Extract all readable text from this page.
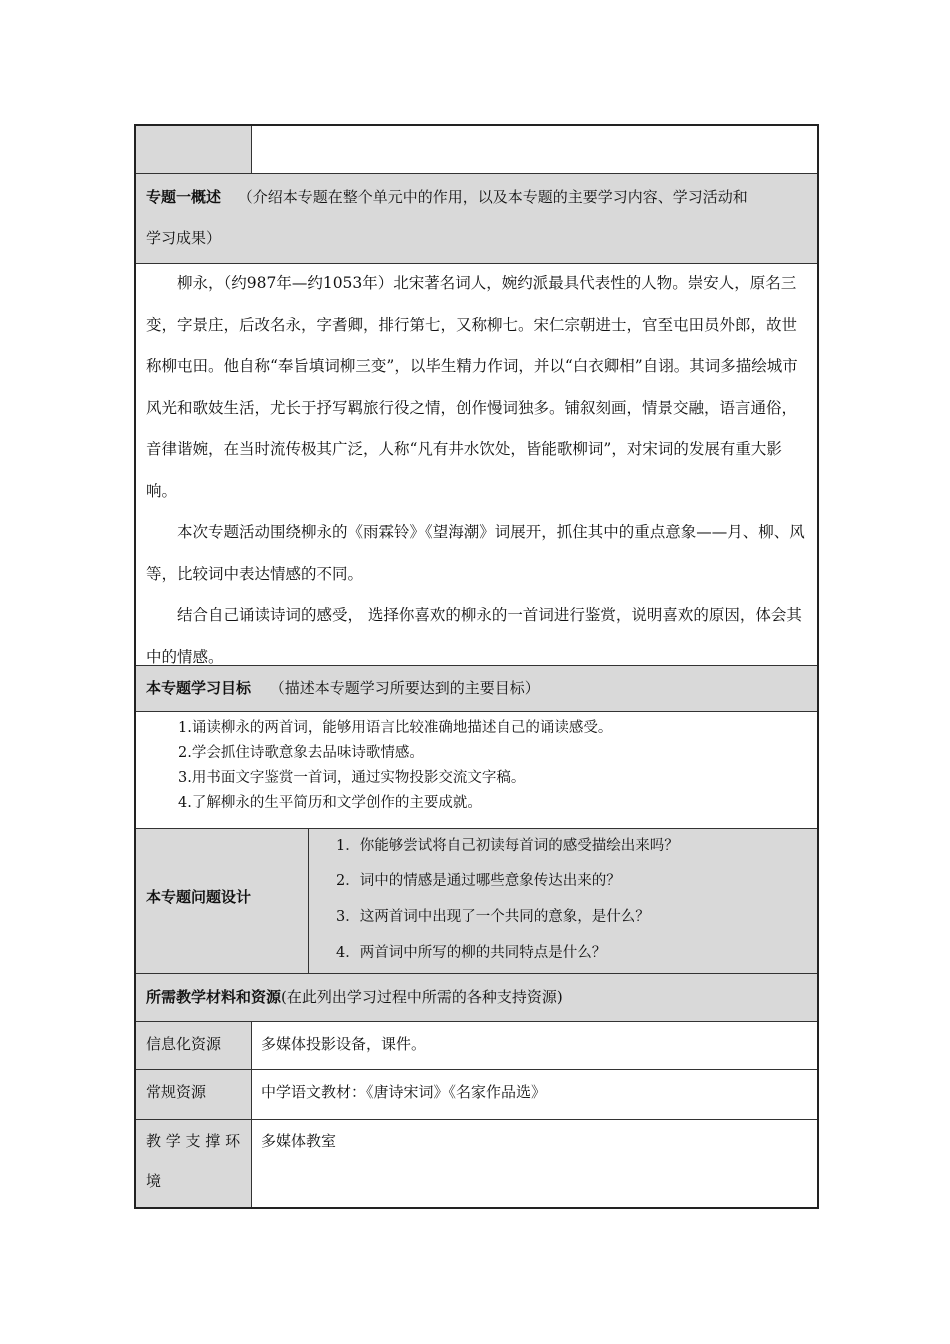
专题一概述 （介绍本专题在整个单元中的作用，以及本专题的主要学习内容、学习活动和
学习成果）

柳永，（约987年—约1053年）北宋著名词人，婉约派最具代表性的人物。崇安人，原名三变，字景庄，后改名永，字耆卿，排行第七，又称柳七。宋仁宗朝进士，官至屯田员外郎，故世称柳屯田。他自称“奉旨填词柳三变”，以毕生精力作词，并以“白衣卿相”自诩。其词多描绘城市风光和歌妓生活，尤长于抒写羁旅行役之情，创作慢词独多。铺叙刻画，情景交融，语言通俗，音律谐婉，在当时流传极其广泛，人称“凡有井水饮处，皆能歌柳词”，对宋词的发展有重大影响。

本次专题活动围绕柳永的《雨霖铃》《望海潮》词展开，抓住其中的重点意象——月、柳、风等，比较词中表达情感的不同。

结合自己诵读诗词的感受， 选择你喜欢的柳永的一首词进行鉴赏，说明喜欢的原因，体会其中的情感。

本专题学习目标 （描述本专题学习所要达到的主要目标）
1.诵读柳永的两首词，能够用语言比较准确地描述自己的诵读感受。
2.学会抓住诗歌意象去品味诗歌情感。
3.用书面文字鉴赏一首词，通过实物投影交流文字稿。
4.了解柳永的生平简历和文学创作的主要成就。
本专题问题设计
1．你能够尝试将自己初读每首词的感受描绘出来吗？
2．词中的情感是通过哪些意象传达出来的？
3．这两首词中出现了一个共同的意象，是什么？
4．两首词中所写的柳的共同特点是什么？
所需教学材料和资源(在此列出学习过程中所需的各种支持资源)
信息化资源	多媒体投影设备，课件。
常规资源	中学语文教材：《唐诗宋词》《名家作品选》
教 学 支 撑 环
境
多媒体教室
